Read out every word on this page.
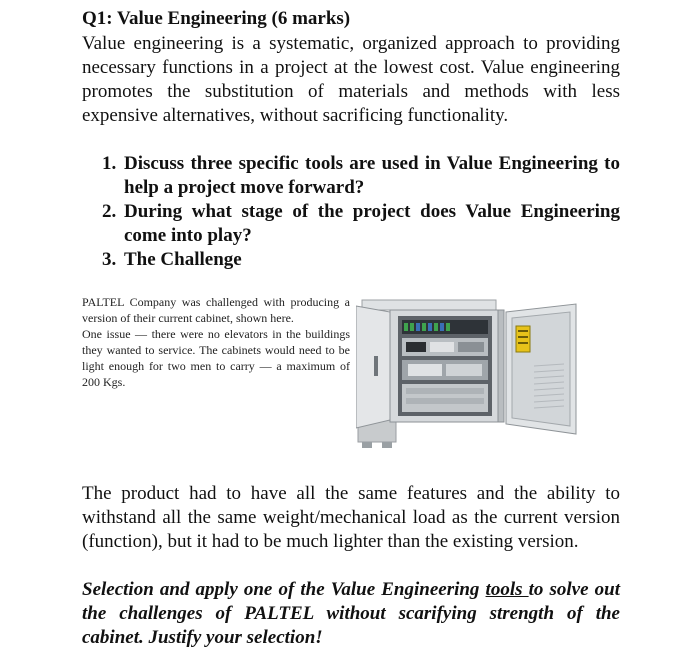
Q1: Value Engineering (6 marks)
Value engineering is a systematic, organized approach to providing necessary functions in a project at the lowest cost. Value engineering promotes the substitution of materials and methods with less expensive alternatives, without sacrificing functionality.
1. Discuss three specific tools are used in Value Engineering to help a project move forward?
2. During what stage of the project does Value Engineering come into play?
3. The Challenge

PALTEL Company was challenged with producing a version of their current cabinet, shown here.

One issue — there were no elevators in the buildings they wanted to service. The cabinets would need to be light enough for two men to carry — a maximum of 200 Kgs.

The product had to have all the same features and the ability to withstand all the same weight/mechanical load as the current version (function), but it had to be much lighter than the existing version.
Selection and apply one of the Value Engineering tools to solve out the challenges of PALTEL without scarifying strength of the cabinet. Justify your selection!
